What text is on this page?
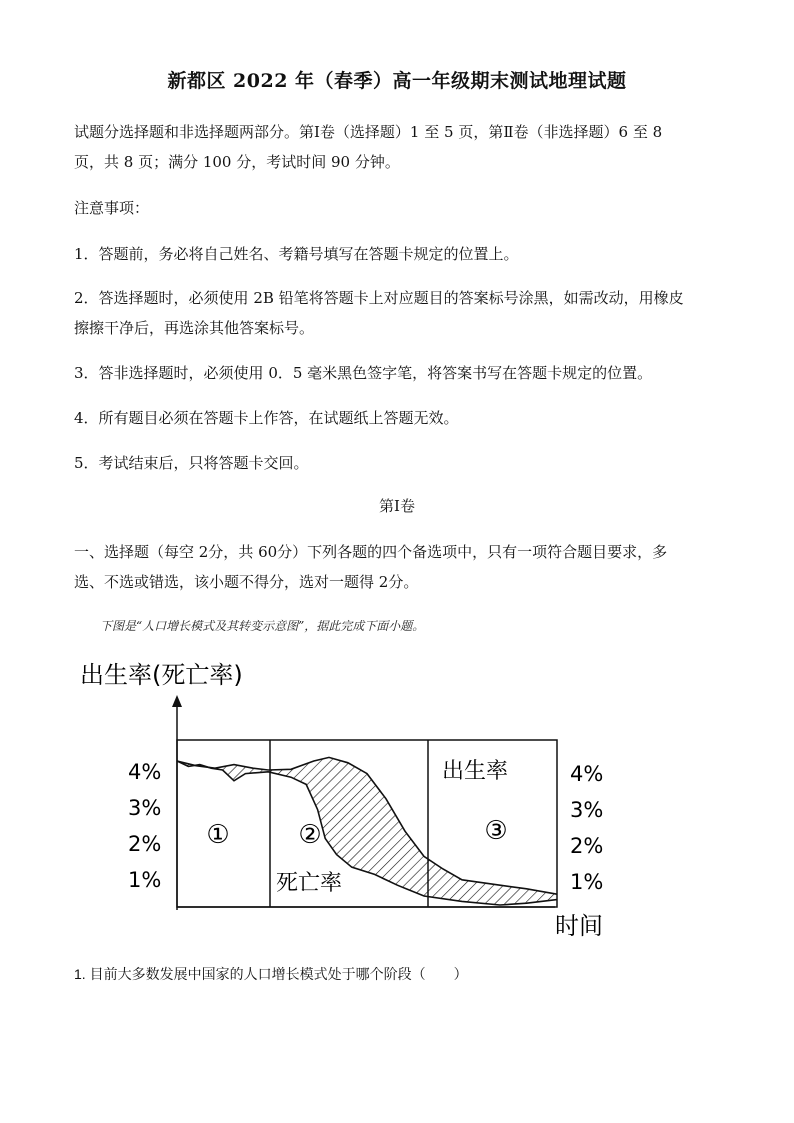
新都区 2022 年（春季）高一年级期末测试地理试题
试题分选择题和非选择题两部分。第Ⅰ卷（选择题）1 至 5 页，第Ⅱ卷（非选择题）6 至 8
页，共 8 页；满分 100 分，考试时间 90 分钟。
注意事项：
1．答题前，务必将自己姓名、考籍号填写在答题卡规定的位置上。
2．答选择题时，必须使用 2B 铅笔将答题卡上对应题目的答案标号涂黑，如需改动，用橡皮
擦擦干净后，再选涂其他答案标号。
3．答非选择题时，必须使用 0．5 毫米黑色签字笔，将答案书写在答题卡规定的位置。
4．所有题目必须在答题卡上作答，在试题纸上答题无效。
5．考试结束后，只将答题卡交回。
第Ⅰ卷
一、选择题（每空 2分，共 60分）下列各题的四个备选项中，只有一项符合题目要求，多
选、不选或错选，该小题不得分，选对一题得 2分。
下图是“人口增长模式及其转变示意图”，据此完成下面小题。
出生率(死亡率)
4%
3%
2%
1%
4%
3%
2%
1%
①	②	③
出生率
死亡率
时间
1. 目前大多数发展中国家的人口增长模式处于哪个阶段（　　）
